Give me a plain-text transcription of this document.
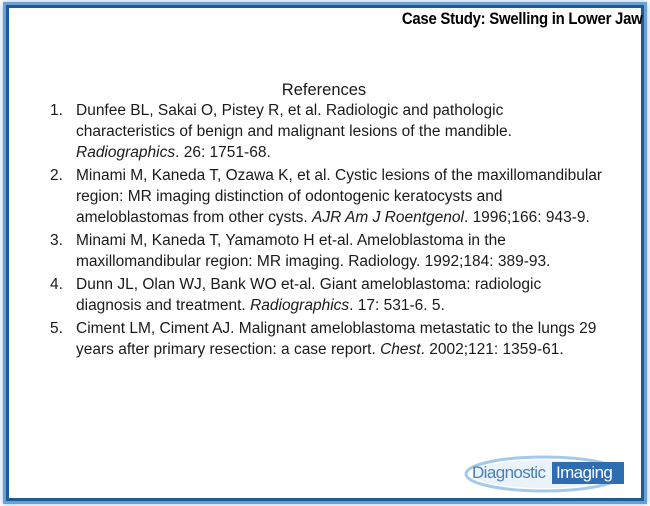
Case Study: Swelling in Lower Jaw
References
1. Dunfee BL, Sakai O, Pistey R, et al. Radiologic and pathologic characteristics of benign and malignant lesions of the mandible. Radiographics. 26: 1751-68.
2. Minami M, Kaneda T, Ozawa K, et al. Cystic lesions of the maxillomandibular region: MR imaging distinction of odontogenic keratocysts and ameloblastomas from other cysts. AJR Am J Roentgenol. 1996;166: 943-9.
3. Minami M, Kaneda T, Yamamoto H et-al. Ameloblastoma in the maxillomandibular region: MR imaging. Radiology. 1992;184: 389-93.
4. Dunn JL, Olan WJ, Bank WO et-al. Giant ameloblastoma: radiologic diagnosis and treatment. Radiographics. 17: 531-6. 5.
5. Ciment LM, Ciment AJ. Malignant ameloblastoma metastatic to the lungs 29 years after primary resection: a case report. Chest. 2002;121: 1359-61.
Diagnostic Imaging
